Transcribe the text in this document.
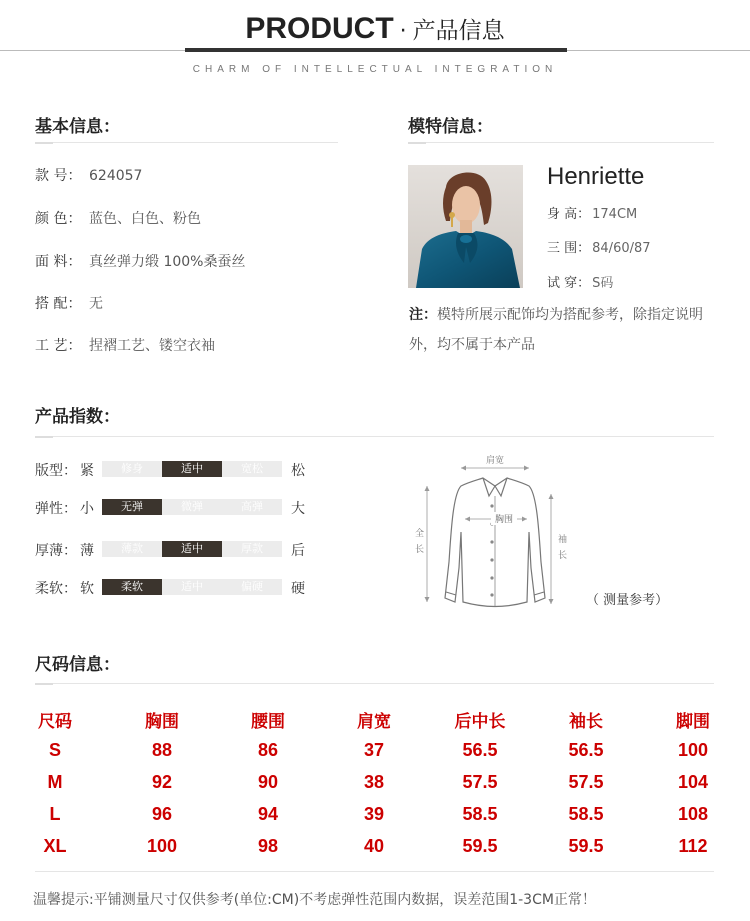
PRODUCT · 产品信息
CHARM OF INTELLECTUAL INTEGRATION
基本信息：
款 号： 624057
颜 色： 蓝色、白色、粉色
面 料： 真丝弹力缎 100%桑蚕丝
搭 配： 无
工 艺： 捏褶工艺、镂空衣袖
模特信息：
Henriette
身 高： 174CM
三 围： 84/60/87
试 穿： S码
注：模特所展示配饰均为搭配参考，除指定说明外，均不属于本产品
产品指数：
版型： 紧	修身	适中	宽松	松
弹性： 小	无弹	微弹	高弹	大
厚薄： 薄	薄款	适中	厚款	后
柔软： 软	柔软	适中	偏硬	硬
肩宽
全
长
袖
长
胸围
（ 测量参考）
尺码信息：
尺码	胸围	腰围	肩宽	后中长	袖长	脚围
S	88	86	37	56.5	56.5	100
M	92	90	38	57.5	57.5	104
L	96	94	39	58.5	58.5	108
XL	100	98	40	59.5	59.5	112
温馨提示:平铺测量尺寸仅供参考(单位:CM)不考虑弹性范围内数据，误差范围1-3CM正常！
